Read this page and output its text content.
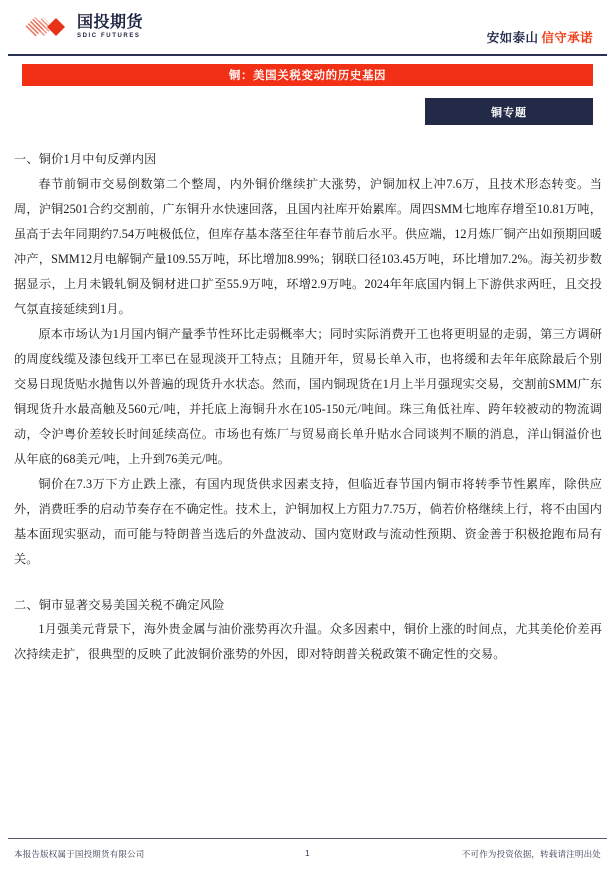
国投期货
SDIC FUTURES	安如泰山 信守承诺
铜：美国关税变动的历史基因
铜专题

一、铜价1月中旬反弹内因

春节前铜市交易倒数第二个整周，内外铜价继续扩大涨势，沪铜加权上冲7.6万，且技术形态转变。当周，沪铜2501合约交割前，广东铜升水快速回落，且国内社库开始累库。周四SMM七地库存增至10.81万吨，虽高于去年同期约7.54万吨极低位，但库存基本落至往年春节前后水平。供应端，12月炼厂铜产出如预期回暖冲产，SMM12月电解铜产量109.55万吨，环比增加8.99%；钢联口径103.45万吨，环比增加7.2%。海关初步数据显示，上月未锻轧铜及铜材进口扩至55.9万吨，环增2.9万吨。2024年年底国内铜上下游供求两旺，且交投气氛直接延续到1月。

原本市场认为1月国内铜产量季节性环比走弱概率大；同时实际消费开工也将更明显的走弱，第三方调研的周度线缆及漆包线开工率已在显现淡开工特点；且随开年，贸易长单入市，也将缓和去年年底除最后个别交易日现货贴水抛售以外普遍的现货升水状态。然而，国内铜现货在1月上半月强现实交易，交割前SMM广东铜现货升水最高触及560元/吨，并托底上海铜升水在105-150元/吨间。珠三角低社库、跨年较被动的物流调动，令沪粤价差较长时间延续高位。市场也有炼厂与贸易商长单升贴水合同谈判不顺的消息，洋山铜溢价也从年底的68美元/吨，上升到76美元/吨。

铜价在7.3万下方止跌上涨，有国内现货供求因素支持，但临近春节国内铜市将转季节性累库，除供应外，消费旺季的启动节奏存在不确定性。技术上，沪铜加权上方阻力7.75万，倘若价格继续上行，将不由国内基本面现实驱动，而可能与特朗普当选后的外盘波动、国内宽财政与流动性预期、资金善于积极抢跑布局有关。

二、铜市显著交易美国关税不确定风险

1月强美元背景下，海外贵金属与油价涨势再次升温。众多因素中，铜价上涨的时间点，尤其美伦价差再次持续走扩，很典型的反映了此波铜价涨势的外因，即对特朗普关税政策不确定性的交易。

本报告版权属于国投期货有限公司	1	不可作为投资依据，转载请注明出处
